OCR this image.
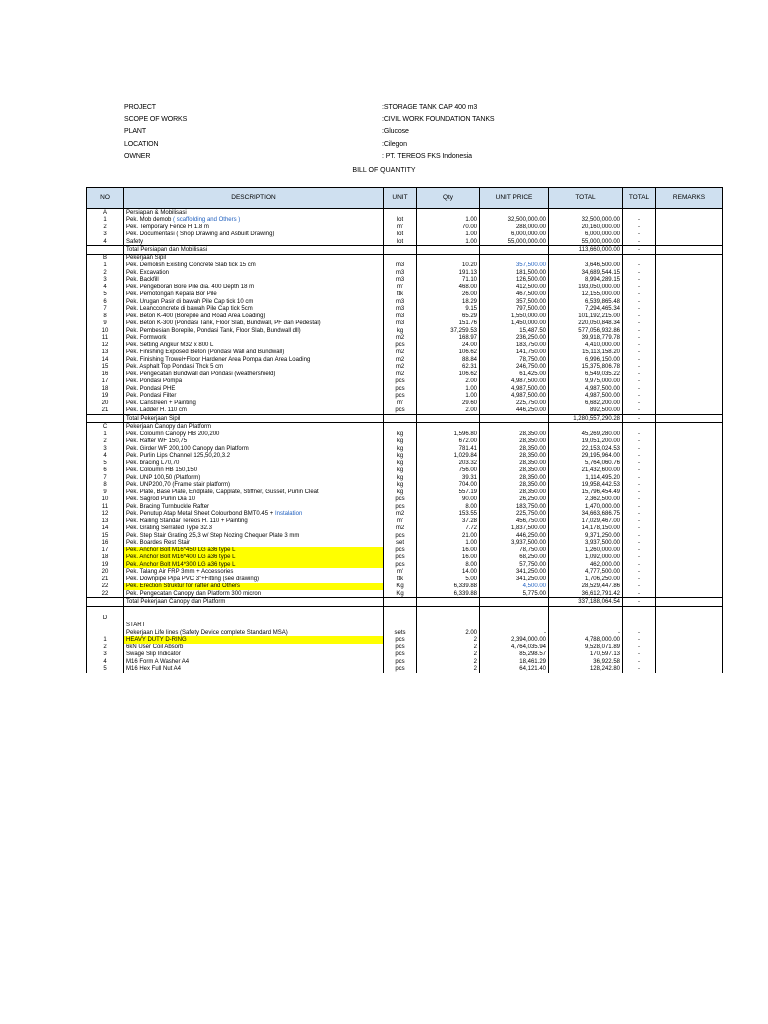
PROJECT	:STORAGE TANK CAP 400 m3
SCOPE OF WORKS	:CIVIL WORK FOUNDATION TANKS
PLANT	:Glucose
LOCATION	:Cilegon
OWNER	: PT. TEREOS FKS Indonesia
BILL OF QUANTITY
NO	DESCRIPTION	UNIT	Qty	UNIT PRICE	TOTAL	TOTAL	REMARKS
A	Persiapan & Mobilisasi						
1	Pek. Mob demob ( scaffolding and Others )	lot	1.00	32,500,000.00	32,500,000.00	-	
2	Pek. Temporary Fence H 1.8 m	m'	70.00	288,000.00	20,160,000.00	-	
3	Pek. Documentasi ( Shop Drawing and Asbuilt Drawing)	lot	1.00	6,000,000.00	6,000,000.00	-	
4	Safety	lot	1.00	55,000,000.00	55,000,000.00	-	
	Total Persiapan dan Mobilisasi				113,660,000.00	-	
B	Pekerjaan Sipil						
1	Pek. Demolish Existing Concrete Slab tick 15 cm	m3	10.20	357,500.00	3,646,500.00	-	
2	Pek. Excavation	m3	191.13	181,500.00	34,689,544.15	-	
3	Pek. Backfill	m3	71.10	126,500.00	8,994,289.15	-	
4	Pek. Pengeboran Bore Pile dia. 400 Depth 18 m	m'	468.00	412,500.00	193,050,000.00	-	
5	Pek. Pemotongan Kepala Bor Pile	ttk	26.00	467,500.00	12,155,000.00	-	
6	Pek. Urugan Pasir di bawah Pile Cap tick 10 cm	m3	18.29	357,500.00	6,539,865.48	-	
7	Pek. Leancconcrete di bawah Pile Cap tick 5cm	m3	9.15	797,500.00	7,294,465.34	-	
8	Pek. Beton K-400 (Borepile and Road Area Loading)	m3	65.29	1,550,000.00	101,192,215.00	-	
9	Pek. Beton K-300 (Pondasi Tank, Floor Slab, Bundwall, PF dan Pedestal)	m3	151.76	1,450,000.00	220,050,848.34	-	
10	Pek. Pembesian Borepile, Pondasi Tank, Floor Slab, Bundwall dll)	kg	37,259.53	15,487.50	577,056,932.86	-	
11	Pek. Formwork	m2	168.97	236,250.00	39,918,779.78	-	
12	Pek. Setting Angkur M32 x 800 L	pcs	24.00	183,750.00	4,410,000.00	-	
13	Pek. Finishing Exposed Beton (Pondasi Wall and Bundwall)	m2	106.62	141,750.00	15,113,158.20	-	
14	Pek. Finishing Trowel+Floor Hardener Area Pompa dan Area Loading	m2	88.84	78,750.00	6,996,150.00	-	
15	Pek. Asphalt Top Pondasi Thck 5 cm	m2	62.31	246,750.00	15,375,806.78	-	
16	Pek. Pengecatan Bundwall dan Pondasi (weathershield)	m2	106.62	61,425.00	6,549,035.22	-	
17	Pek. Pondasi Pompa	pcs	2.00	4,987,500.00	9,975,000.00	-	
18	Pek. Pondasi PHE	pcs	1.00	4,987,500.00	4,987,500.00	-	
19	Pek. Pondasi Filter	pcs	1.00	4,987,500.00	4,987,500.00	-	
20	Pek. Canstreen + Painting	m'	29.60	225,750.00	6,682,200.00	-	
21	Pek. Ladder H. 110 cm	pcs	2.00	446,250.00	892,500.00	-	
	Total Pekerjaan Sipil				1,280,557,290.28	-	
C	Pekerjaan Canopy dan Platform						
1	Pek. Coloumn Canopy HB 200,200	kg	1,596.80	28,350.00	45,269,280.00	-	
2	Pek. Rafter WF 150,75	kg	672.00	28,350.00	19,051,200.00	-	
3	Pek. Girder WF 200,100 Canopy dan Platform	kg	781.41	28,350.00	22,153,024.53	-	
4	Pek. Purlin Lips Channel 125,50,20,3.2	kg	1,029.84	28,350.00	29,195,964.00	-	
5	Pek. bracing L70,70	kg	203.32	28,350.00	5,764,060.76	-	
6	Pek. Coloumn HB 150,150	kg	756.00	28,350.00	21,432,600.00	-	
7	Pek. UNP 100,50 (Platform)	kg	39.31	28,350.00	1,114,495.20	-	
8	Pek. UNP200,70 (Frame stair platform)	kg	704.00	28,350.00	19,958,442.53	-	
9	Pek. Plate, Base Plate, Endplate, Capplate, Stiffner, Gusset, Purlin Cleat	kg	557.19	28,350.00	15,796,454.49	-	
10	Pek. Sagrod Purlin Dia 10	pcs	90.00	26,250.00	2,362,500.00	-	
11	Pek. Bracing Turnbuckle Rafter	pcs	8.00	183,750.00	1,470,000.00	-	
12	Pek. Penutup Atap Metal Sheet Colourbond BMT0.45 + Instalation	m2	153.55	225,750.00	34,663,686.75	-	
13	Pek. Railing Standar Tereos H. 110 + Painting	m'	37.28	456,750.00	17,029,467.00	-	
14	Pek. Grating Serrated Type 32.3	m2	7.72	1,837,500.00	14,178,150.00	-	
15	Pek. Step Stair Grating 25,3 w/ Step Nozing Chequer Plate 3 mm	pcs	21.00	446,250.00	9,371,250.00	-	
16	Pek. Boardes Rest Stair	set	1.00	3,937,500.00	3,937,500.00	-	
17	Pek. Anchor Bolt M16*450 LG a36 type L	pcs	16.00	78,750.00	1,260,000.00	-	
18	Pek. Anchor Bolt M16*400 LG a36 type L	pcs	16.00	68,250.00	1,092,000.00	-	
19	Pek. Anchor Bolt M14*300 LG a36 type L	pcs	8.00	57,750.00	462,000.00	-	
20	Pek. Talang Air FRP 3mm + Accessories	m'	14.00	341,250.00	4,777,500.00	-	
21	Pek. Downpipe Pipa PVC 3"+Fitting (see drawing)	ttk	5.00	341,250.00	1,706,250.00	-	
22	Pek. Erection Struktur for rafter and Others	Kg	6,339.88	4,500.00	28,529,447.86	-	
22	Pek. Pengecatan Canopy dan Platform 300 micron	Kg	6,339.88	5,775.00	36,612,791.42	-	
	Total Pekerjaan Canopy dan Platform				337,188,064.54	-	

D							
	START						
	Pekerjaan Life lines (Safety Device complete Standard MSA)	sets	2.00	-	-	-	
1	HEAVY DUTY D-RING	pcs	2	2,394,000.00	4,788,000.00	-	
2	6kN User Coil Absorb	pcs	2	4,764,035.94	9,528,071.89	-	
3	Swage Slip Indicator	pcs	2	85,298.57	170,597.13	-	
4	M16 Form A Washer A4	pcs	2	18,461.29	36,922.58	-	
5	M16 Hex Full Nut A4	pcs	2	64,121.40	128,242.80	-	
